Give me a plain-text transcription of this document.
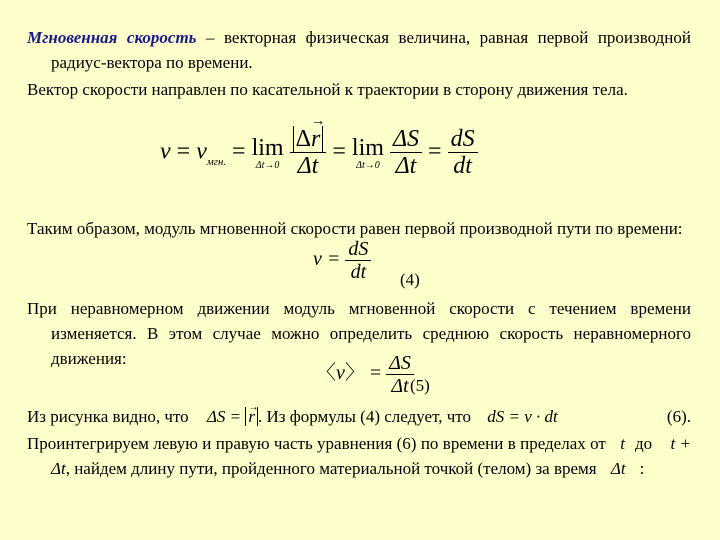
Мгновенная скорость – векторная физическая величина, равная первой производной радиус-вектора по времени.
Вектор скорости направлен по касательной к траектории в сторону движения тела.
$v = v_{мгн.} = \lim$
Δt→0
$\frac{\Delta\to r}{\Delta t} = \lim$
Δt→0
$\frac{\Delta S}{\Delta t} = \frac{dS}{dt}$
Таким образом, модуль мгновенной скорости равен первой производной пути по времени:
$v = \frac{dS}{dt} (4)$
При неравномерном движении модуль мгновенной скорости с течением времени изменяется. В этом случае можно определить среднюю скорость неравномерного движения:
〈v〉 = $\frac{\Delta S}{\Delta t}$
(5)
Из рисунка видно, что ΔS = → r . Из формулы (4) следует, что dS = v · dt	(6).
Проинтегрируем левую и правую часть уравнения (6) по времени в пределах от t до t + Δt, найдем длину пути, пройденного материальной точкой (телом) за время Δt :
